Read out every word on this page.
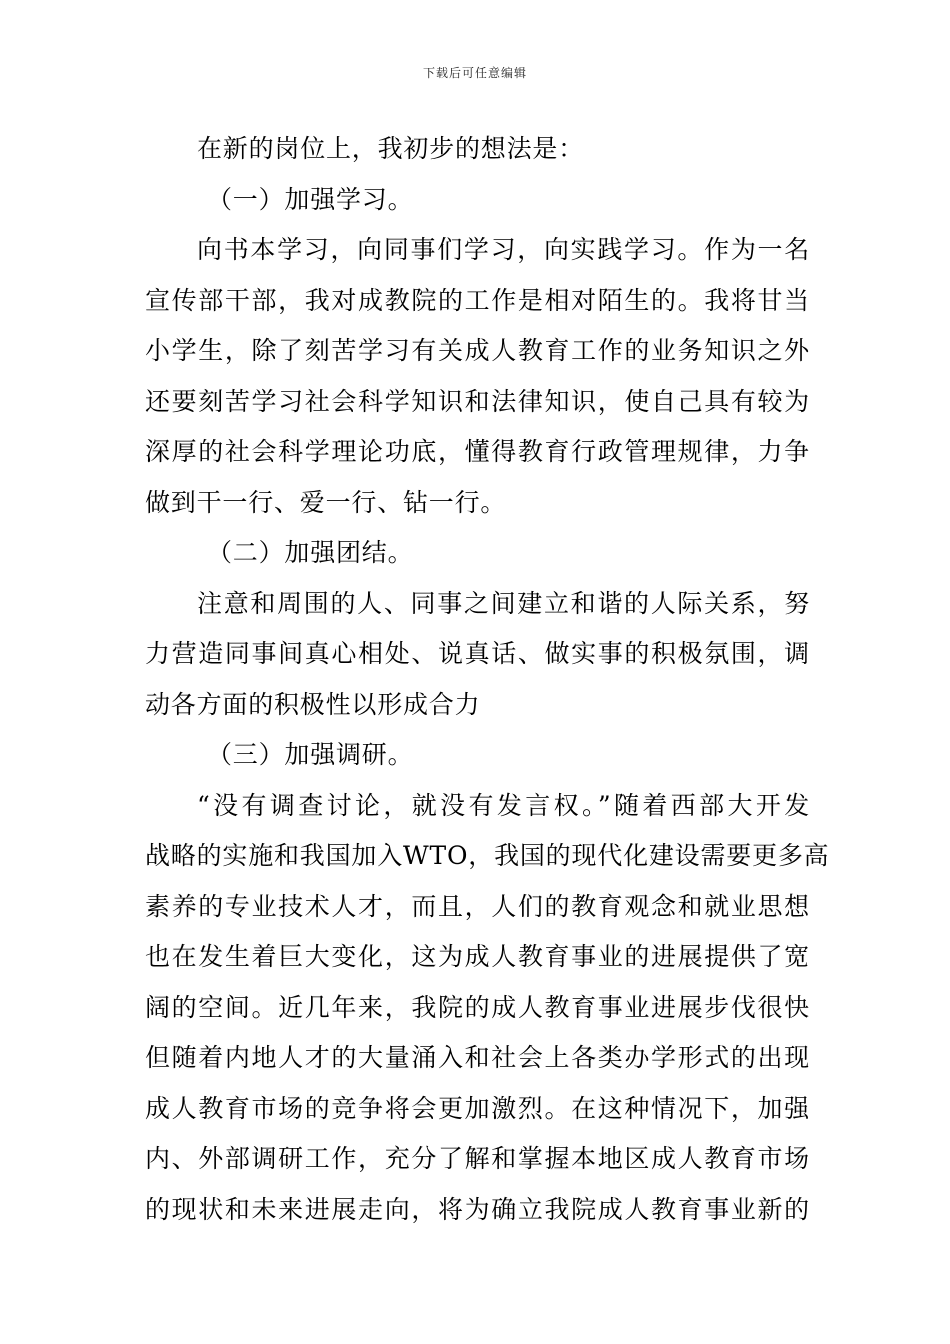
下载后可任意编辑
在新的岗位上，我初步的想法是：
（一）加强学习。
向书本学习，向同事们学习，向实践学习。作为一名
宣传部干部，我对成教院的工作是相对陌生的。我将甘当
小学生，除了刻苦学习有关成人教育工作的业务知识之外
还要刻苦学习社会科学知识和法律知识，使自己具有较为
深厚的社会科学理论功底，懂得教育行政管理规律，力争
做到干一行、爱一行、钻一行。
（二）加强团结。
注意和周围的人、同事之间建立和谐的人际关系，努
力营造同事间真心相处、说真话、做实事的积极氛围，调
动各方面的积极性以形成合力
（三）加强调研。
“没有调查讨论，就没有发言权。”随着西部大开发
战略的实施和我国加入WTO，我国的现代化建设需要更多高
素养的专业技术人才，而且，人们的教育观念和就业思想
也在发生着巨大变化，这为成人教育事业的进展提供了宽
阔的空间。近几年来，我院的成人教育事业进展步伐很快
但随着内地人才的大量涌入和社会上各类办学形式的出现
成人教育市场的竞争将会更加激烈。在这种情况下，加强
内、外部调研工作，充分了解和掌握本地区成人教育市场
的现状和未来进展走向，将为确立我院成人教育事业新的
